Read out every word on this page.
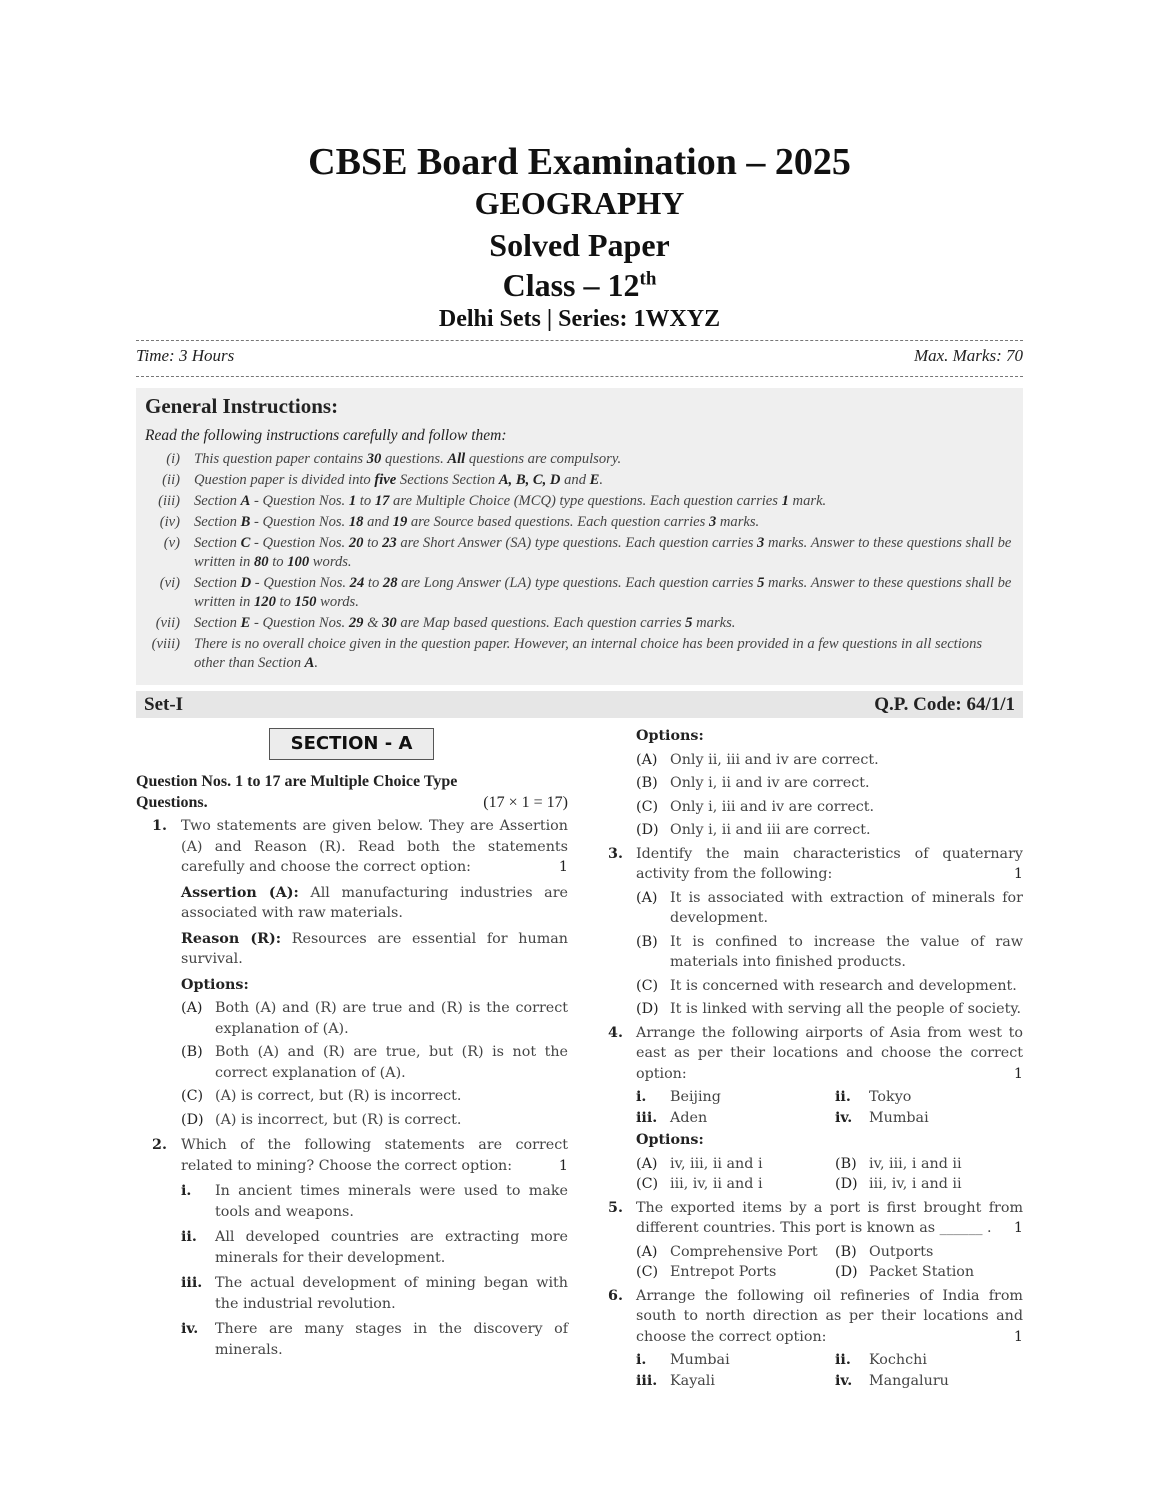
CBSE Board Examination – 2025
GEOGRAPHY
Solved Paper
Class – 12th
Delhi Sets | Series: 1WXYZ
Time: 3 Hours	Max. Marks: 70
General Instructions:
Read the following instructions carefully and follow them:
(i) This question paper contains 30 questions. All questions are compulsory.
(ii) Question paper is divided into five Sections Section A, B, C, D and E.
(iii) Section A - Question Nos. 1 to 17 are Multiple Choice (MCQ) type questions. Each question carries 1 mark.
(iv) Section B - Question Nos. 18 and 19 are Source based questions. Each question carries 3 marks.
(v) Section C - Question Nos. 20 to 23 are Short Answer (SA) type questions. Each question carries 3 marks. Answer to these questions shall be written in 80 to 100 words.
(vi) Section D - Question Nos. 24 to 28 are Long Answer (LA) type questions. Each question carries 5 marks. Answer to these questions shall be written in 120 to 150 words.
(vii) Section E - Question Nos. 29 & 30 are Map based questions. Each question carries 5 marks.
(viii) There is no overall choice given in the question paper. However, an internal choice has been provided in a few questions in all sections other than Section A.
Set-I	Q.P. Code: 64/1/1
SECTION - A
Question Nos. 1 to 17 are Multiple Choice Type
Questions.	(17 × 1 = 17)
1. Two statements are given below. They are Assertion (A) and Reason (R). Read both the statements carefully and choose the correct option:	1
Assertion (A): All manufacturing industries are associated with raw materials.
Reason (R): Resources are essential for human survival.
Options:
(A) Both (A) and (R) are true and (R) is the correct explanation of (A).
(B) Both (A) and (R) are true, but (R) is not the correct explanation of (A).
(C) (A) is correct, but (R) is incorrect.
(D) (A) is incorrect, but (R) is correct.
2. Which of the following statements are correct related to mining? Choose the correct option:	1
i. In ancient times minerals were used to make tools and weapons.
ii. All developed countries are extracting more minerals for their development.
iii. The actual development of mining began with the industrial revolution.
iv. There are many stages in the discovery of minerals.
Options:
(A) Only ii, iii and iv are correct.
(B) Only i, ii and iv are correct.
(C) Only i, iii and iv are correct.
(D) Only i, ii and iii are correct.
3. Identify the main characteristics of quaternary activity from the following:	1
(A) It is associated with extraction of minerals for development.
(B) It is confined to increase the value of raw materials into finished products.
(C) It is concerned with research and development.
(D) It is linked with serving all the people of society.
4. Arrange the following airports of Asia from west to east as per their locations and choose the correct option:	1
i. Beijing	ii. Tokyo
iii. Aden	iv. Mumbai
Options:
(A) iv, iii, ii and i	(B) iv, iii, i and ii
(C) iii, iv, ii and i	(D) iii, iv, i and ii
5. The exported items by a port is first brought from different countries. This port is known as ______ . 1
(A) Comprehensive Port	(B) Outports
(C) Entrepot Ports	(D) Packet Station
6. Arrange the following oil refineries of India from south to north direction as per their locations and choose the correct option:	1
i. Mumbai	ii. Kochchi
iii. Kayali	iv. Mangaluru
